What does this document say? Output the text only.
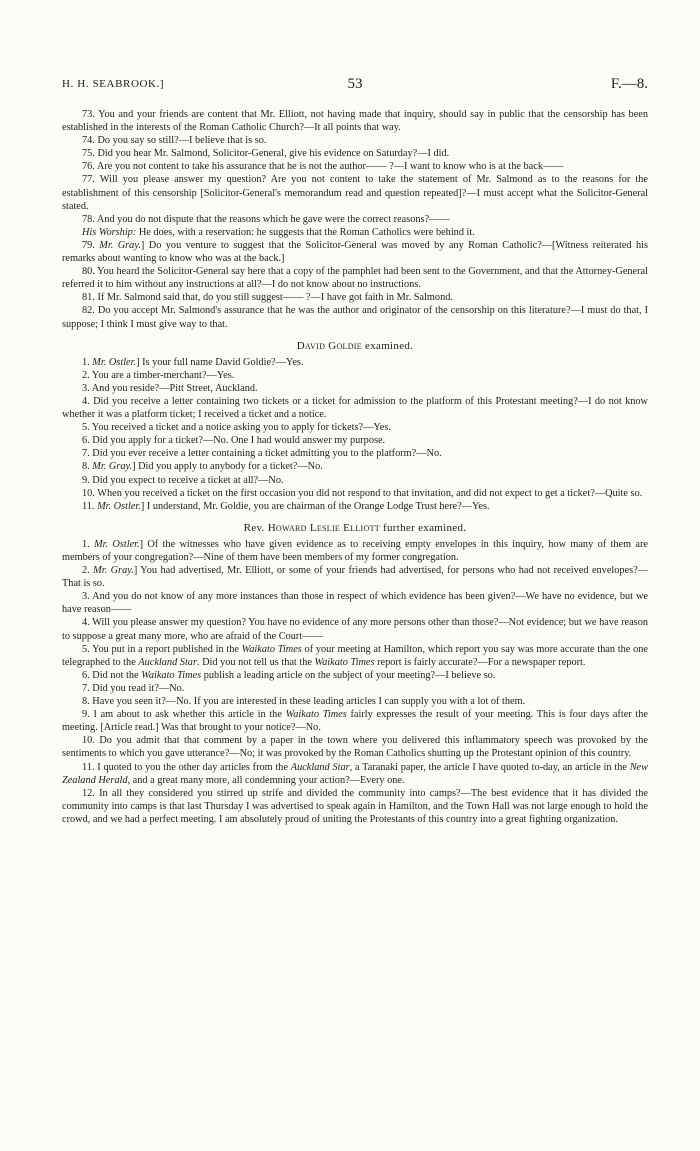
H. H. SEABROOK.]	53	F.—8.

73. You and your friends are content that Mr. Elliott, not having made that inquiry, should say in public that the censorship has been established in the interests of the Roman Catholic Church?—It all points that way.

74. Do you say so still?—I believe that is so.

75. Did you hear Mr. Salmond, Solicitor-General, give his evidence on Saturday?—I did.

76. Are you not content to take his assurance that he is not the author—— ?—I want to know who is at the back——

77. Will you please answer my question? Are you not content to take the statement of Mr. Salmond as to the reasons for the establishment of this censorship [Solicitor-General's memorandum read and question repeated]?—I must accept what the Solicitor-General stated.

78. And you do not dispute that the reasons which he gave were the correct reasons?——

His Worship: He does, with a reservation: he suggests that the Roman Catholics were behind it.

79. Mr. Gray.] Do you venture to suggest that the Solicitor-General was moved by any Roman Catholic?—[Witness reiterated his remarks about wanting to know who was at the back.]

80. You heard the Solicitor-General say here that a copy of the pamphlet had been sent to the Government, and that the Attorney-General referred it to him without any instructions at all?—I do not know about no instructions.

81. If Mr. Salmond said that, do you still suggest—— ?—I have got faith in Mr. Salmond.

82. Do you accept Mr. Salmond's assurance that he was the author and originator of the censorship on this literature?—I must do that, I suppose; I think I must give way to that.

David Goldie examined.

1. Mr. Ostler.] Is your full name David Goldie?—Yes.

2. You are a timber-merchant?—Yes.

3. And you reside?—Pitt Street, Auckland.

4. Did you receive a letter containing two tickets or a ticket for admission to the platform of this Protestant meeting?—I do not know whether it was a platform ticket; I received a ticket and a notice.

5. You received a ticket and a notice asking you to apply for tickets?—Yes.

6. Did you apply for a ticket?—No. One I had would answer my purpose.

7. Did you ever receive a letter containing a ticket admitting you to the platform?—No.

8. Mr. Gray.] Did you apply to anybody for a ticket?—No.

9. Did you expect to receive a ticket at all?—No.

10. When you received a ticket on the first occasion you did not respond to that invitation, and did not expect to get a ticket?—Quite so.

11. Mr. Ostler.] I understand, Mr. Goldie, you are chairman of the Orange Lodge Trust here?—Yes.

Rev. Howard Leslie Elliott further examined.

1. Mr. Ostler.] Of the witnesses who have given evidence as to receiving empty envelopes in this inquiry, how many of them are members of your congregation?—Nine of them have been members of my former congregation.

2. Mr. Gray.] You had advertised, Mr. Elliott, or some of your friends had advertised, for persons who had not received envelopes?—That is so.

3. And you do not know of any more instances than those in respect of which evidence has been given?—We have no evidence, but we have reason——

4. Will you please answer my question? You have no evidence of any more persons other than those?—Not evidence; but we have reason to suppose a great many more, who are afraid of the Court——

5. You put in a report published in the Waikato Times of your meeting at Hamilton, which report you say was more accurate than the one telegraphed to the Auckland Star. Did you not tell us that the Waikato Times report is fairly accurate?—For a newspaper report.

6. Did not the Waikato Times publish a leading article on the subject of your meeting?—I believe so.

7. Did you read it?—No.

8. Have you seen it?—No. If you are interested in these leading articles I can supply you with a lot of them.

9. I am about to ask whether this article in the Waikato Times fairly expresses the result of your meeting. This is four days after the meeting. [Article read.] Was that brought to your notice?—No.

10. Do you admit that that comment by a paper in the town where you delivered this inflammatory speech was provoked by the sentiments to which you gave utterance?—No; it was provoked by the Roman Catholics shutting up the Protestant opinion of this country.

11. I quoted to you the other day articles from the Auckland Star, a Taranaki paper, the article I have quoted to-day, an article in the New Zealand Herald, and a great many more, all condemning your action?—Every one.

12. In all they considered you stirred up strife and divided the community into camps?—The best evidence that it has divided the community into camps is that last Thursday I was advertised to speak again in Hamilton, and the Town Hall was not large enough to hold the crowd, and we had a perfect meeting. I am absolutely proud of uniting the Protestants of this country into a great fighting organization.
